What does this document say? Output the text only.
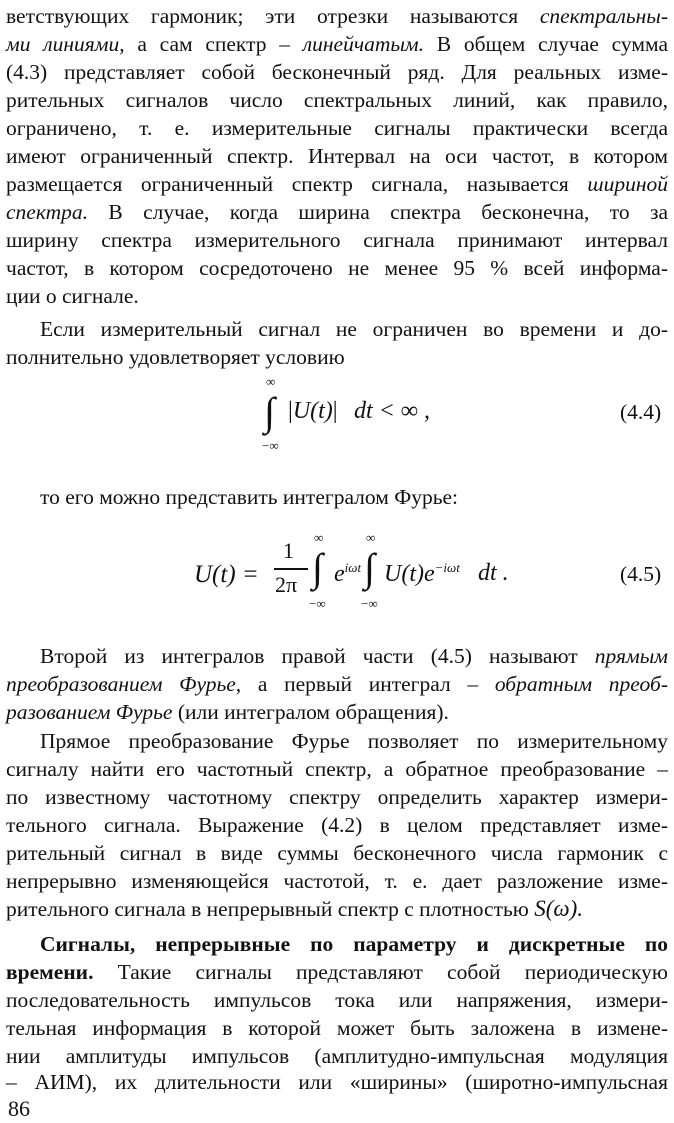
ветствующих гармоник; эти отрезки называются спектральны-
ми линиями, а сам спектр – линейчатым. В общем случае сумма
(4.3) представляет собой бесконечный ряд. Для реальных изме-
рительных сигналов число спектральных линий, как правило,
ограничено, т. е. измерительные сигналы практически всегда
имеют ограниченный спектр. Интервал на оси частот, в котором
размещается ограниченный спектр сигнала, называется шириной
спектра. В случае, когда ширина спектра бесконечна, то за
ширину спектра измерительного сигнала принимают интервал
частот, в котором сосредоточено не менее 95 % всей информа-
ции о сигнале.
Если измерительный сигнал не ограничен во времени и до-
полнительно удовлетворяет условию
∞
∫
−∞
|U(t)| dt < ∞ ,	(4.4)
то его можно представить интегралом Фурье:
U(t) =
1
2π
∞
∫
−∞
$e^{i\omega t}$
∞
∫
−∞
$U(t)e^{-i\omega t}$ dt .	(4.5)
Второй из интегралов правой части (4.5) называют прямым
преобразованием Фурье, а первый интеграл – обратным преоб-
разованием Фурье (или интегралом обращения).
Прямое преобразование Фурье позволяет по измерительному
сигналу найти его частотный спектр, а обратное преобразование –
по известному частотному спектру определить характер измери-
тельного сигнала. Выражение (4.2) в целом представляет изме-
рительный сигнал в виде суммы бесконечного числа гармоник с
непрерывно изменяющейся частотой, т. е. дает разложение изме-
рительного сигнала в непрерывный спектр с плотностью S(ω).
Сигналы, непрерывные по параметру и дискретные по
времени. Такие сигналы представляют собой периодическую
последовательность импульсов тока или напряжения, измери-
тельная информация в которой может быть заложена в измене-
нии амплитуды импульсов (амплитудно-импульсная модуляция
– АИМ), их длительности или «ширины» (широтно-импульсная
86
